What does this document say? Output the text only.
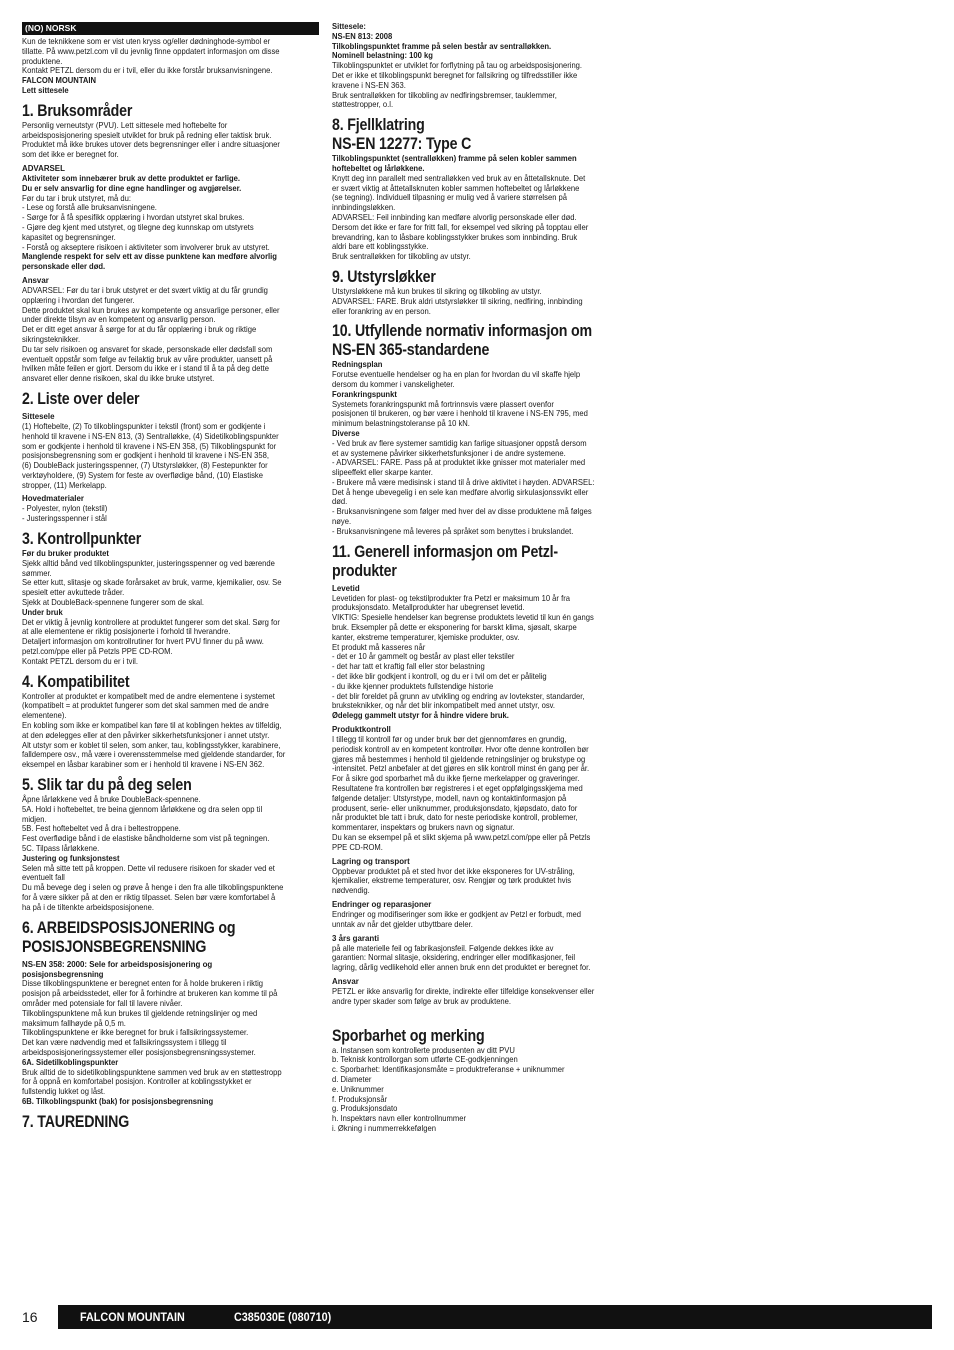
(NO) NORSK
Kun de teknikkene som er vist uten kryss og/eller dødninghode-symbol er
tillatte. På www.petzl.com vil du jevnlig finne oppdatert informasjon om disse
produktene.
Kontakt PETZL dersom du er i tvil, eller du ikke forstår bruksanvisningene.
FALCON MOUNTAIN
Lett sittesele
1. Bruksområder
Personlig verneutstyr (PVU). Lett sittesele med hoftebelte for
arbeidsposisjonering spesielt utviklet for bruk på redning eller taktisk bruk.
Produktet må ikke brukes utover dets begrensninger eller i andre situasjoner
som det ikke er beregnet for.
ADVARSEL
Aktiviteter som innebærer bruk av dette produktet er farlige.
Du er selv ansvarlig for dine egne handlinger og avgjørelser.
Før du tar i bruk utstyret, må du:
- Lese og forstå alle bruksanvisningene.
- Sørge for å få spesifikk opplæring i hvordan utstyret skal brukes.
- Gjøre deg kjent med utstyret, og tilegne deg kunnskap om utstyrets
kapasitet og begrensninger.
- Forstå og akseptere risikoen i aktiviteter som involverer bruk av utstyret.
Manglende respekt for selv ett av disse punktene kan medføre alvorlig
personskade eller død.
Ansvar
ADVARSEL: Før du tar i bruk utstyret er det svært viktig at du får grundig
opplæring i hvordan det fungerer.
Dette produktet skal kun brukes av kompetente og ansvarlige personer, eller
under direkte tilsyn av en kompetent og ansvarlig person.
Det er ditt eget ansvar å sørge for at du får opplæring i bruk og riktige
sikringsteknikker.
Du tar selv risikoen og ansvaret for skade, personskade eller dødsfall som
eventuelt oppstår som følge av feilaktig bruk av våre produkter, uansett på
hvilken måte feilen er gjort. Dersom du ikke er i stand til å ta på deg dette
ansvaret eller denne risikoen, skal du ikke bruke utstyret.
2. Liste over deler
Sittesele
(1) Hoftebelte, (2) To tilkoblingspunkter i tekstil (front) som er godkjente i
henhold til kravene i NS-EN 813, (3) Sentralløkke, (4) Sidetilkoblingspunkter
som er godkjente i henhold til kravene i NS-EN 358, (5) Tilkoblingspunkt for
posisjonsbegrensning som er godkjent i henhold til kravene i NS-EN 358,
(6) DoubleBack justeringsspenner, (7) Utstyrsløkker, (8) Festepunkter for
verktøyholdere, (9) System for feste av overflødige bånd, (10) Elastiske
stropper, (11) Merkelapp.
Hovedmaterialer
- Polyester, nylon (tekstil)
- Justeringsspenner i stål
3. Kontrollpunkter
Før du bruker produktet
Sjekk alltid bånd ved tilkoblingspunkter, justeringsspenner og ved bærende
sømmer.
Se etter kutt, slitasje og skade forårsaket av bruk, varme, kjemikalier, osv. Se
spesielt etter avkuttede tråder.
Sjekk at DoubleBack-spennene fungerer som de skal.
Under bruk
Det er viktig å jevnlig kontrollere at produktet fungerer som det skal. Sørg for
at alle elementene er riktig posisjonerte i forhold til hverandre.
Detaljert informasjon om kontrollrutiner for hvert PVU finner du på www.
petzl.com/ppe eller på Petzls PPE CD-ROM.
Kontakt PETZL dersom du er i tvil.
4. Kompatibilitet
Kontroller at produktet er kompatibelt med de andre elementene i systemet
(kompatibelt = at produktet fungerer som det skal sammen med de andre
elementene).
En kobling som ikke er kompatibel kan føre til at koblingen hektes av tilfeldig,
at den ødelegges eller at den påvirker sikkerhetsfunksjoner i annet utstyr.
Alt utstyr som er koblet til selen, som anker, tau, koblingsstykker, karabinere,
falldempere osv., må være i overensstemmelse med gjeldende standarder, for
eksempel en låsbar karabiner som er i henhold til kravene i NS-EN 362.
5. Slik tar du på deg selen
Åpne lårløkkene ved å bruke DoubleBack-spennene.
5A. Hold i hoftebeltet, tre beina gjennom lårløkkene og dra selen opp til
midjen.
5B. Fest hoftebeltet ved å dra i beltestroppene.
Fest overflødige bånd i de elastiske båndholderne som vist på tegningen.
5C. Tilpass lårløkkene.
Justering og funksjonstest
Selen må sitte tett på kroppen. Dette vil redusere risikoen for skader ved et
eventuelt fall
Du må bevege deg i selen og prøve å henge i den fra alle tilkoblingspunktene
for å være sikker på at den er riktig tilpasset. Selen bør være komfortabel å
ha på i de tiltenkte arbeidsposisjonene.
6. ARBEIDSPOSISJONERING og
POSISJONSBEGRENSNING
NS-EN 358: 2000: Sele for arbeidsposisjonering og
posisjonsbegrensning
Disse tilkoblingspunktene er beregnet enten for å holde brukeren i riktig
posisjon på arbeidsstedet, eller for å forhindre at brukeren kan komme til på
områder med potensiale for fall til lavere nivåer.
Tilkoblingspunktene må kun brukes til gjeldende retningslinjer og med
maksimum fallhøyde på 0,5 m.
Tilkoblingspunktene er ikke beregnet for bruk i fallsikringssystemer.
Det kan være nødvendig med et fallsikringssystem i tillegg til
arbeidsposisjoneringssystemer eller posisjonsbegrensningssystemer.
6A. Sidetilkoblingspunkter
Bruk alltid de to sidetilkoblingspunktene sammen ved bruk av en støttestropp
for å oppnå en komfortabel posisjon. Kontroller at koblingsstykket er
fullstendig lukket og låst.
6B. Tilkoblingspunkt (bak) for posisjonsbegrensning
7. TAUREDNING
Sittesele:
NS-EN 813: 2008
Tilkoblingspunktet framme på selen består av sentralløkken.
Nominell belastning: 100 kg
Tilkoblingspunktet er utviklet for forflytning på tau og arbeidsposisjonering.
Det er ikke et tilkoblingspunkt beregnet for fallsikring og tilfredsstiller ikke
kravene i NS-EN 363.
Bruk sentralløkken for tilkobling av nedfiringsbremser, tauklemmer,
støttestropper, o.l.
8. Fjellklatring
NS-EN 12277: Type C
Tilkoblingspunktet (sentralløkken) framme på selen kobler sammen
hoftebeltet og lårløkkene.
Knytt deg inn parallelt med sentralløkken ved bruk av en åttetallsknute. Det
er svært viktig at åttetallsknuten kobler sammen hoftebeltet og lårløkkene
(se tegning). Individuell tilpasning er mulig ved å variere størrelsen på
innbindingsløkken.
ADVARSEL: Feil innbinding kan medføre alvorlig personskade eller død.
Dersom det ikke er fare for fritt fall, for eksempel ved sikring på topptau eller
brevandring, kan to låsbare koblingsstykker brukes som innbinding. Bruk
aldri bare ett koblingsstykke.
Bruk sentralløkken for tilkobling av utstyr.
9. Utstyrsløkker
Utstyrsløkkene må kun brukes til sikring og tilkobling av utstyr.
ADVARSEL: FARE. Bruk aldri utstyrsløkker til sikring, nedfiring, innbinding
eller forankring av en person.
10. Utfyllende normativ informasjon om
NS-EN 365-standardene
Redningsplan
Forutse eventuelle hendelser og ha en plan for hvordan du vil skaffe hjelp
dersom du kommer i vanskeligheter.
Forankringspunkt
Systemets forankringspunkt må fortrinnsvis være plassert ovenfor
posisjonen til brukeren, og bør være i henhold til kravene i NS-EN 795, med
minimum belastningstoleranse på 10 kN.
Diverse
- Ved bruk av flere systemer samtidig kan farlige situasjoner oppstå dersom
et av systemene påvirker sikkerhetsfunksjoner i de andre systemene.
- ADVARSEL: FARE. Pass på at produktet ikke gnisser mot materialer med
slipeeffekt eller skarpe kanter.
- Brukere må være medisinsk i stand til å drive aktivitet i høyden. ADVARSEL:
Det å henge ubevegelig i en sele kan medføre alvorlig sirkulasjonssvikt eller
død.
- Bruksanvisningene som følger med hver del av disse produktene må følges
nøye.
- Bruksanvisningene må leveres på språket som benyttes i brukslandet.
11. Generell informasjon om Petzl-
produkter
Levetid
Levetiden for plast- og tekstilprodukter fra Petzl er maksimum 10 år fra
produksjonsdato. Metallprodukter har ubegrenset levetid.
VIKTIG: Spesielle hendelser kan begrense produktets levetid til kun én gangs
bruk. Eksempler på dette er eksponering for barskt klima, sjøsalt, skarpe
kanter, ekstreme temperaturer, kjemiske produkter, osv.
Et produkt må kasseres når
- det er 10 år gammelt og består av plast eller tekstiler
- det har tatt et kraftig fall eller stor belastning
- det ikke blir godkjent i kontroll, og du er i tvil om det er pålitelig
- du ikke kjenner produktets fullstendige historie
- det blir foreldet på grunn av utvikling og endring av lovtekster, standarder,
bruksteknikker, og når det blir inkompatibelt med annet utstyr, osv.
Ødelegg gammelt utstyr for å hindre videre bruk.
Produktkontroll
I tillegg til kontroll før og under bruk bør det gjennomføres en grundig,
periodisk kontroll av en kompetent kontrollør. Hvor ofte denne kontrollen bør
gjøres må bestemmes i henhold til gjeldende retningslinjer og brukstype og
-intensitet. Petzl anbefaler at det gjøres en slik kontroll minst én gang per år.
For å sikre god sporbarhet må du ikke fjerne merkelapper og graveringer.
Resultatene fra kontrollen bør registreres i et eget oppfølgingsskjema med
følgende detaljer: Utstyrstype, modell, navn og kontaktinformasjon på
produsent, serie- eller uniknummer, produksjonsdato, kjøpsdato, dato for
når produktet ble tatt i bruk, dato for neste periodiske kontroll, problemer,
kommentarer, inspektørs og brukers navn og signatur.
Du kan se eksempel på et slikt skjema på www.petzl.com/ppe eller på Petzls
PPE CD-ROM.
Lagring og transport
Oppbevar produktet på et sted hvor det ikke eksponeres for UV-stråling,
kjemikalier, ekstreme temperaturer, osv. Rengjør og tørk produktet hvis
nødvendig.
Endringer og reparasjoner
Endringer og modifiseringer som ikke er godkjent av Petzl er forbudt, med
unntak av når det gjelder utbyttbare deler.
3 års garanti
på alle materielle feil og fabrikasjonsfeil. Følgende dekkes ikke av
garantien: Normal slitasje, oksidering, endringer eller modifikasjoner, feil
lagring, dårlig vedlikehold eller annen bruk enn det produktet er beregnet for.
Ansvar
PETZL er ikke ansvarlig for direkte, indirekte eller tilfeldige konsekvenser eller
andre typer skader som følge av bruk av produktene.
Sporbarhet og merking
a. Instansen som kontrollerte produsenten av ditt PVU
b. Teknisk kontrollorgan som utførte CE-godkjenningen
c. Sporbarhet: Identifikasjonsmåte = produktreferanse + uniknummer
d. Diameter
e. Uniknummer
f. Produksjonsår
g. Produksjonsdato
h. Inspektørs navn eller kontrollnummer
i. Økning i nummerrekkefølgen
16	FALCON MOUNTAIN	C385030E (080710)
